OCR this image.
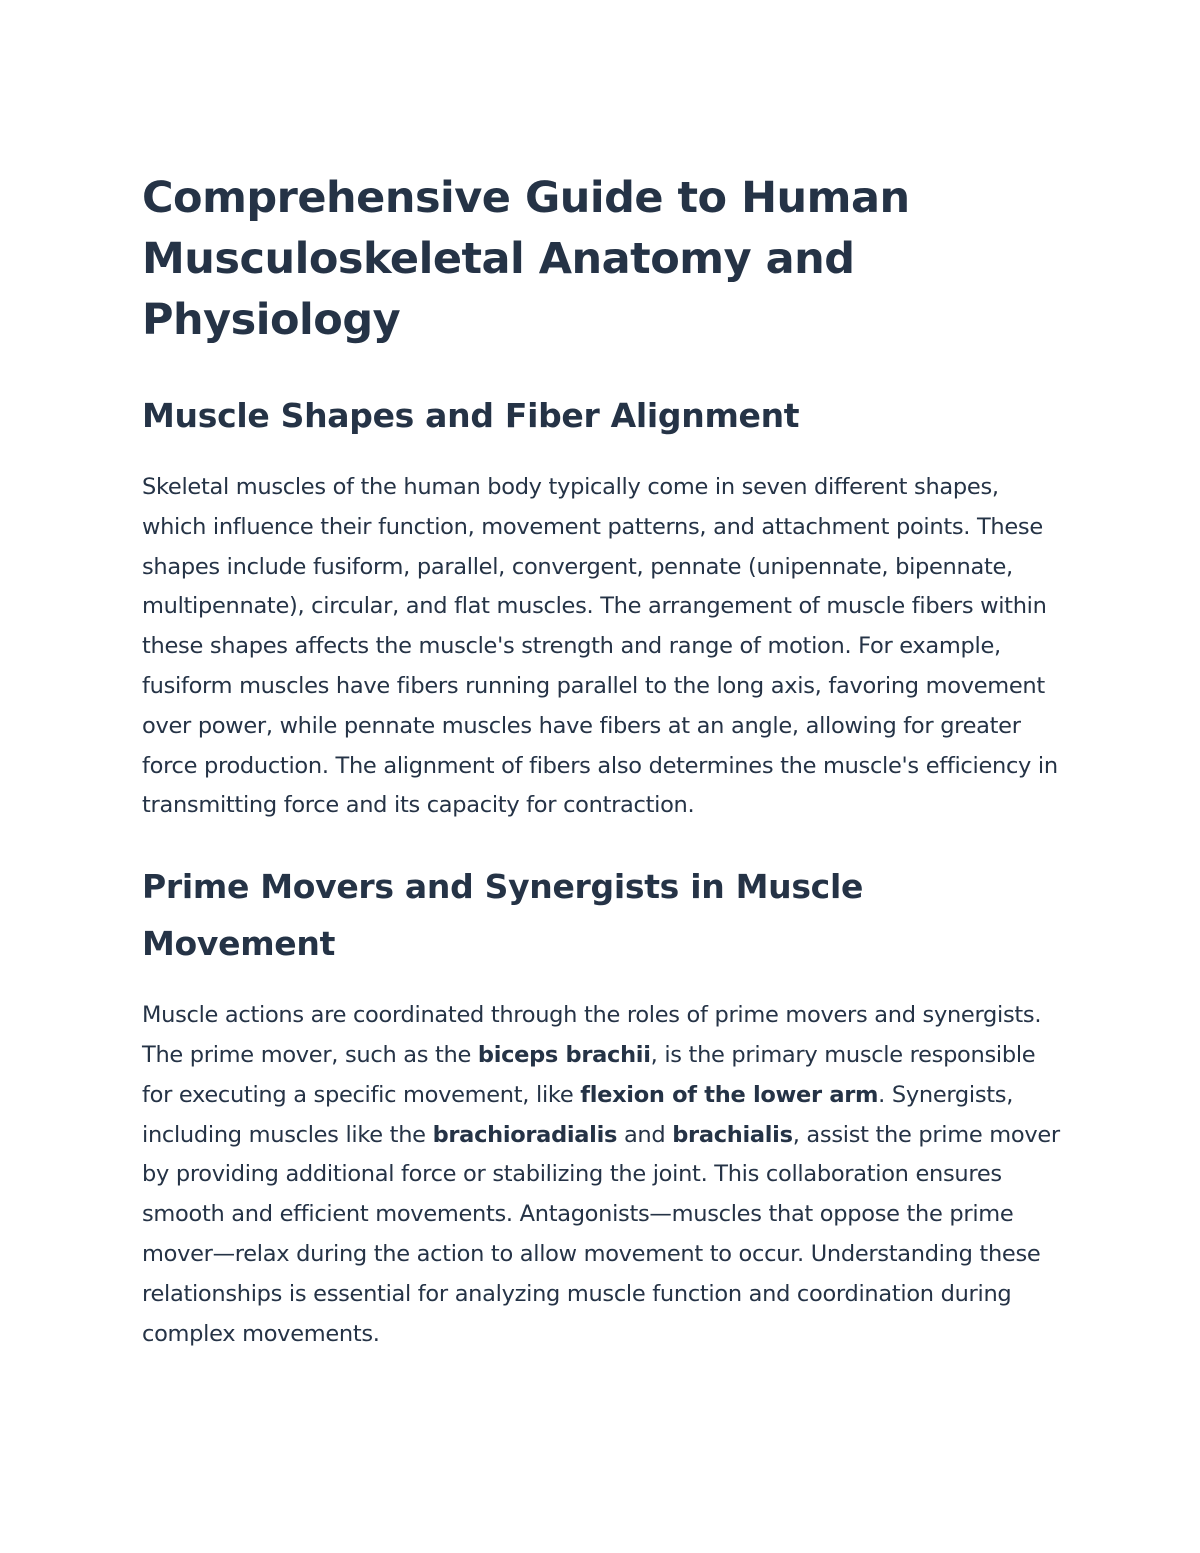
Comprehensive Guide to Human Musculoskeletal Anatomy and Physiology
Muscle Shapes and Fiber Alignment

Skeletal muscles of the human body typically come in seven different shapes, which influence their function, movement patterns, and attachment points. These shapes include fusiform, parallel, convergent, pennate (unipennate, bipennate, multipennate), circular, and flat muscles. The arrangement of muscle fibers within these shapes affects the muscle's strength and range of motion. For example, fusiform muscles have fibers running parallel to the long axis, favoring movement over power, while pennate muscles have fibers at an angle, allowing for greater force production. The alignment of fibers also determines the muscle's efficiency in transmitting force and its capacity for contraction.

Prime Movers and Synergists in Muscle Movement

Muscle actions are coordinated through the roles of prime movers and synergists. The prime mover, such as the biceps brachii, is the primary muscle responsible for executing a specific movement, like flexion of the lower arm. Synergists, including muscles like the brachioradialis and brachialis, assist the prime mover by providing additional force or stabilizing the joint. This collaboration ensures smooth and efficient movements. Antagonists—muscles that oppose the prime mover—relax during the action to allow movement to occur. Understanding these relationships is essential for analyzing muscle function and coordination during complex movements.
